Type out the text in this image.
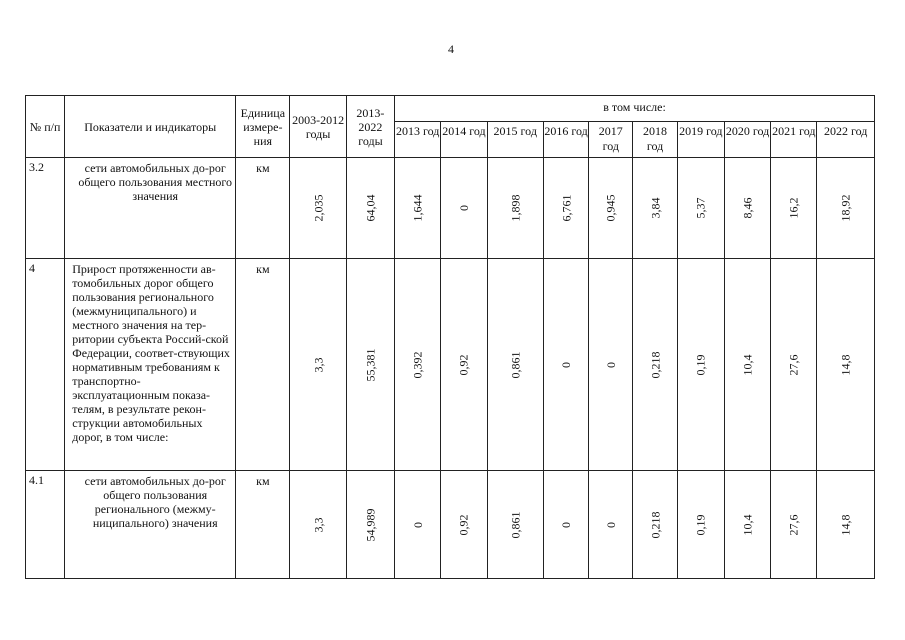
4
№ п/п	Показатели и индикаторы	Единица измере-ния	2003-2012 годы	2013-2022 годы	в том числе:									
					2013 год	2014 год	2015 год	2016 год	2017 год	2018 год	2019 год	2020 год	2021 год	2022 год
3.2	сети автомобильных до-рог общего пользования местного значения	км	2,035	64,04	1,644	0	1,898	6,761	0,945	3,84	5,37	8,46	16,2	18,92
4	Прирост протяженности ав-томобильных дорог общего пользования регионального (межмуниципального) и местного значения на тер-ритории субъекта Россий-ской Федерации, соответ-ствующих нормативным требованиям к транспортно-эксплуатационным показа-телям, в результате рекон-струкции автомобильных дорог, в том числе:	км	3,3	55,381	0,392	0,92	0,861	0	0	0,218	0,19	10,4	27,6	14,8
4.1	сети автомобильных до-рог общего пользования регионального (межму-ниципального) значения	км	3,3	54,989	0	0,92	0,861	0	0	0,218	0,19	10,4	27,6	14,8
